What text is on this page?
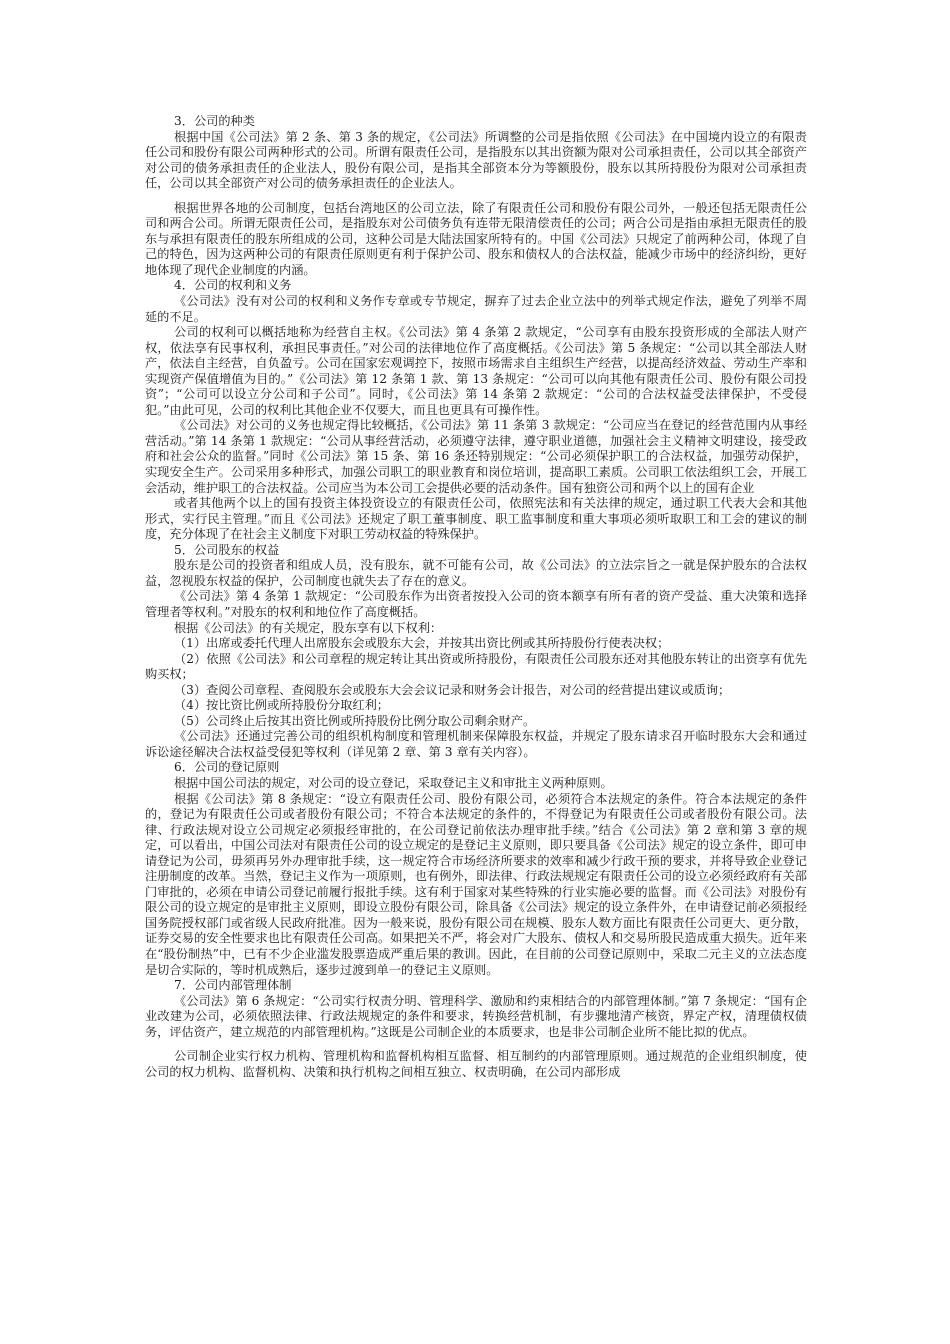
3．公司的种类

根据中国《公司法》第 2 条、第 3 条的规定，《公司法》所调整的公司是指依照《公司法》在中国境内设立的有限责任公司和股份有限公司两种形式的公司。所谓有限责任公司，是指股东以其出资额为限对公司承担责任，公司以其全部资产对公司的债务承担责任的企业法人，股份有限公司，是指其全部资本分为等额股份，股东以其所持股份为限对公司承担责任，公司以其全部资产对公司的债务承担责任的企业法人。

根据世界各地的公司制度，包括台湾地区的公司立法，除了有限责任公司和股份有限公司外，一般还包括无限责任公司和两合公司。所谓无限责任公司，是指股东对公司债务负有连带无限清偿责任的公司；两合公司是指由承担无限责任的股东与承担有限责任的股东所组成的公司，这种公司是大陆法国家所特有的。中国《公司法》只规定了前两种公司，体现了自己的特色，因为这两种公司的有限责任原则更有利于保护公司、股东和债权人的合法权益，能减少市场中的经济纠纷，更好地体现了现代企业制度的内涵。

4．公司的权利和义务

《公司法》没有对公司的权利和义务作专章或专节规定，摒弃了过去企业立法中的列举式规定作法，避免了列举不周延的不足。

公司的权利可以概括地称为经营自主权。《公司法》第 4 条第 2 款规定，“公司享有由股东投资形成的全部法人财产权，依法享有民事权利，承担民事责任。”对公司的法律地位作了高度概括。《公司法》第 5 条规定：“公司以其全部法人财产，依法自主经营，自负盈亏。公司在国家宏观调控下，按照市场需求自主组织生产经营，以提高经济效益、劳动生产率和实现资产保值增值为目的。”《公司法》第 12 条第 1 款、第 13 条规定：“公司可以向其他有限责任公司、股份有限公司投资”；“公司可以设立分公司和子公司”。同时，《公司法》第 14 条第 2 款规定：“公司的合法权益受法律保护，不受侵犯。”由此可见，公司的权利比其他企业不仅要大，而且也更具有可操作性。

《公司法》对公司的义务也规定得比较概括，《公司法》第 11 条第 3 款规定：“公司应当在登记的经营范围内从事经营活动。”第 14 条第 1 款规定：“公司从事经营活动，必须遵守法律，遵守职业道德，加强社会主义精神文明建设，接受政府和社会公众的监督。”同时《公司法》第 15 条、第 16 条还特别规定：“公司必须保护职工的合法权益，加强劳动保护，实现安全生产。公司采用多种形式，加强公司职工的职业教育和岗位培训，提高职工素质。公司职工依法组织工会，开展工会活动，维护职工的合法权益。公司应当为本公司工会提供必要的活动条件。国有独资公司和两个以上的国有企业

或者其他两个以上的国有投资主体投资设立的有限责任公司，依照宪法和有关法律的规定，通过职工代表大会和其他形式，实行民主管理。”而且《公司法》还规定了职工董事制度、职工监事制度和重大事项必须听取职工和工会的建议的制度，充分体现了在社会主义制度下对职工劳动权益的特殊保护。

5．公司股东的权益

股东是公司的投资者和组成人员，没有股东，就不可能有公司，故《公司法》的立法宗旨之一就是保护股东的合法权益，忽视股东权益的保护，公司制度也就失去了存在的意义。

《公司法》第 4 条第 1 款规定：“公司股东作为出资者按投入公司的资本额享有所有者的资产受益、重大决策和选择管理者等权利。”对股东的权利和地位作了高度概括。

根据《公司法》的有关规定，股东享有以下权利：

（1）出席或委托代理人出席股东会或股东大会，并按其出资比例或其所持股份行使表决权；

（2）依照《公司法》和公司章程的规定转让其出资或所持股份，有限责任公司股东还对其他股东转让的出资享有优先购买权；

（3）查阅公司章程、查阅股东会或股东大会会议记录和财务会计报告，对公司的经营提出建议或质询；

（4）按比资比例或所持股份分取红利；

（5）公司终止后按其出资比例或所持股份比例分取公司剩余财产。

《公司法》还通过完善公司的组织机构制度和管理机制来保障股东权益，并规定了股东请求召开临时股东大会和通过诉讼途径解决合法权益受侵犯等权利（详见第 2 章、第 3 章有关内容）。

6．公司的登记原则

根据中国公司法的规定，对公司的设立登记，采取登记主义和审批主义两种原则。

根据《公司法》第 8 条规定：“设立有限责任公司、股份有限公司，必须符合本法规定的条件。符合本法规定的条件的，登记为有限责任公司或者股份有限公司；不符合本法规定的条件的，不得登记为有限责任公司或者股份有限公司。法律、行政法规对设立公司规定必须报经审批的，在公司登记前依法办理审批手续。”结合《公司法》第 2 章和第 3 章的规定，可以看出，中国公司法对有限责任公司的设立规定的是登记主义原则，即只要具备《公司法》规定的设立条件，即可申请登记为公司，毋须再另外办理审批手续，这一规定符合市场经济所要求的效率和减少行政干预的要求，并将导致企业登记注册制度的改革。当然，登记主义作为一项原则，也有例外，即法律、行政法规规定有限责任公司的设立必须经政府有关部门审批的，必须在申请公司登记前履行报批手续。这有利于国家对某些特殊的行业实施必要的监督。而《公司法》对股份有限公司的设立规定的是审批主义原则，即设立股份有限公司，除具备《公司法》规定的设立条件外，在申请登记前必须报经国务院授权部门或省级人民政府批准。因为一般来说，股份有限公司在规模、股东人数方面比有限责任公司更大、更分散，证券交易的安全性要求也比有限责任公司高。如果把关不严，将会对广大股东、债权人和交易所股民造成重大损失。近年来在“股份制热”中，已有不少企业滥发股票造成严重后果的教训。因此，在目前的公司登记原则中，采取二元主义的立法态度是切合实际的，等时机成熟后，逐步过渡到单一的登记主义原则。

7．公司内部管理体制

《公司法》第 6 条规定：“公司实行权责分明、管理科学、激励和约束相结合的内部管理体制。”第 7 条规定：“国有企业改建为公司，必须依照法律、行政法规规定的条件和要求，转换经营机制，有步骤地清产核资，界定产权，清理债权债务，评估资产，建立规范的内部管理机构。”这既是公司制企业的本质要求，也是非公司制企业所不能比拟的优点。

公司制企业实行权力机构、管理机构和监督机构相互监督、相互制约的内部管理原则。通过规范的企业组织制度，使公司的权力机构、监督机构、决策和执行机构之间相互独立、权责明确，在公司内部形成
